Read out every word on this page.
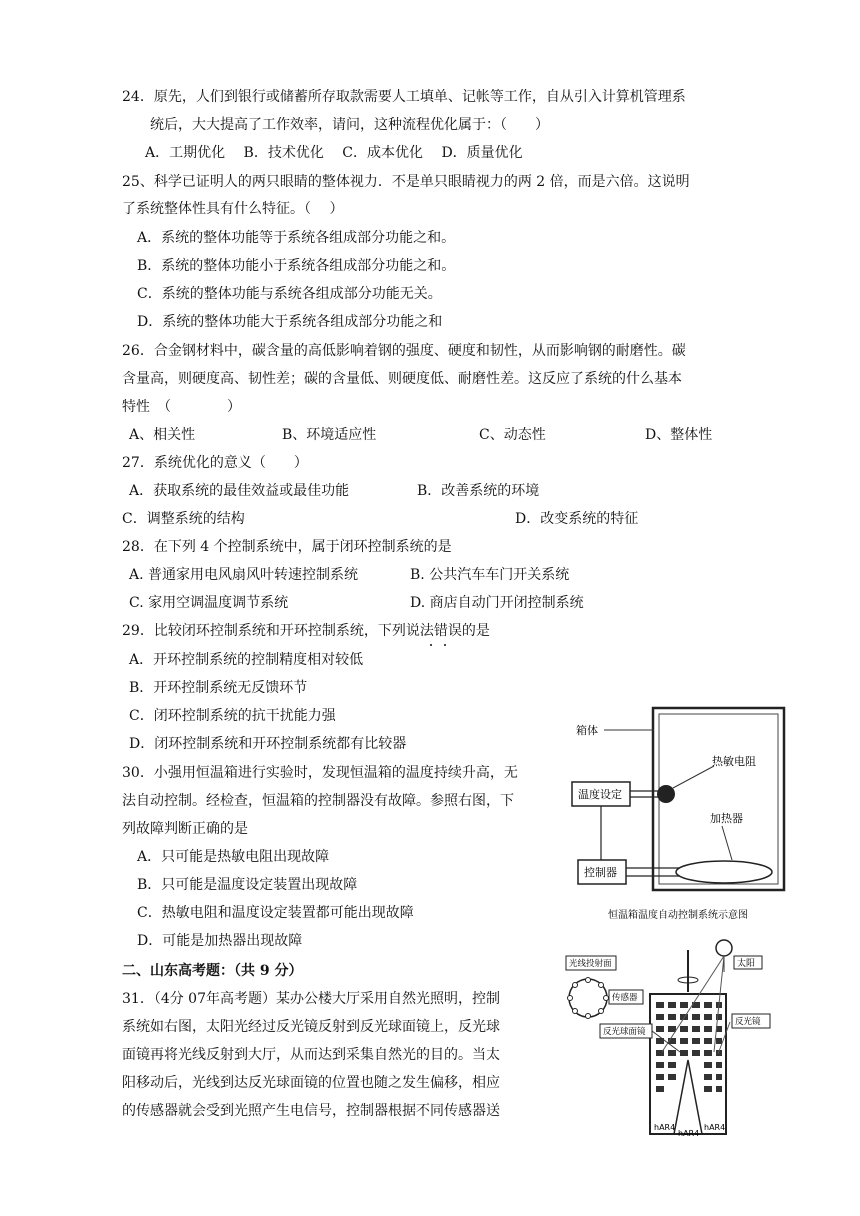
24．原先，人们到银行或储蓄所存取款需要人工填单、记帐等工作，自从引入计算机管理系
统后，大大提高了工作效率，请问，这种流程优化属于：（　　）
A．工期优化　 B．技术优化　 C．成本优化　 D．质量优化
25、科学已证明人的两只眼睛的整体视力．不是单只眼睛视力的两 2 倍，而是六倍。这说明
了系统整体性具有什么特征。（　 ）
A．系统的整体功能等于系统各组成部分功能之和。
B．系统的整体功能小于系统各组成部分功能之和。
C．系统的整体功能与系统各组成部分功能无关。
D．系统的整体功能大于系统各组成部分功能之和
26．合金钢材料中，碳含量的高低影响着钢的强度、硬度和韧性，从而影响钢的耐磨性。碳
含量高，则硬度高、韧性差；碳的含量低、则硬度低、耐磨性差。这反应了系统的什么基本
特性　（　　　　）
A、相关性	B、环境适应性	C、动态性	D、整体性
27．系统优化的意义（　　）
A．获取系统的最佳效益或最佳功能	B．改善系统的环境
C．调整系统的结构	D．改变系统的特征
28．在下列 4 个控制系统中，属于闭环控制系统的是
A. 普通家用电风扇风叶转速控制系统	B. 公共汽车车门开关系统
C. 家用空调温度调节系统	D. 商店自动门开闭控制系统
29．比较闭环控制系统和开环控制系统，下列说法错误的是
A．开环控制系统的控制精度相对较低
B．开环控制系统无反馈环节
C．闭环控制系统的抗干扰能力强
D．闭环控制系统和开环控制系统都有比较器
30．小强用恒温箱进行实验时，发现恒温箱的温度持续升高，无
法自动控制。经检查，恒温箱的控制器没有故障。参照右图，下
列故障判断正确的是
A．只可能是热敏电阻出现故障
B．只可能是温度设定装置出现故障
C．热敏电阻和温度设定装置都可能出现故障
D．可能是加热器出现故障
二、山东高考题：（共 9 分）
31．（4分 07年高考题）某办公楼大厅采用自然光照明，控制
系统如右图，太阳光经过反光镜反射到反光球面镜上，反光球
面镜再将光线反射到大厅，从而达到采集自然光的目的。当太
阳移动后，光线到达反光球面镜的位置也随之发生偏移，相应
的传感器就会受到光照产生电信号，控制器根据不同传感器送
箱体
热敏电阻
温度设定
控制器
加热器
恒温箱温度自动控制系统示意图
太阳
光线投射面
传感器
反光球面镜
反光镜
hAR4
hAR4
hAR4
